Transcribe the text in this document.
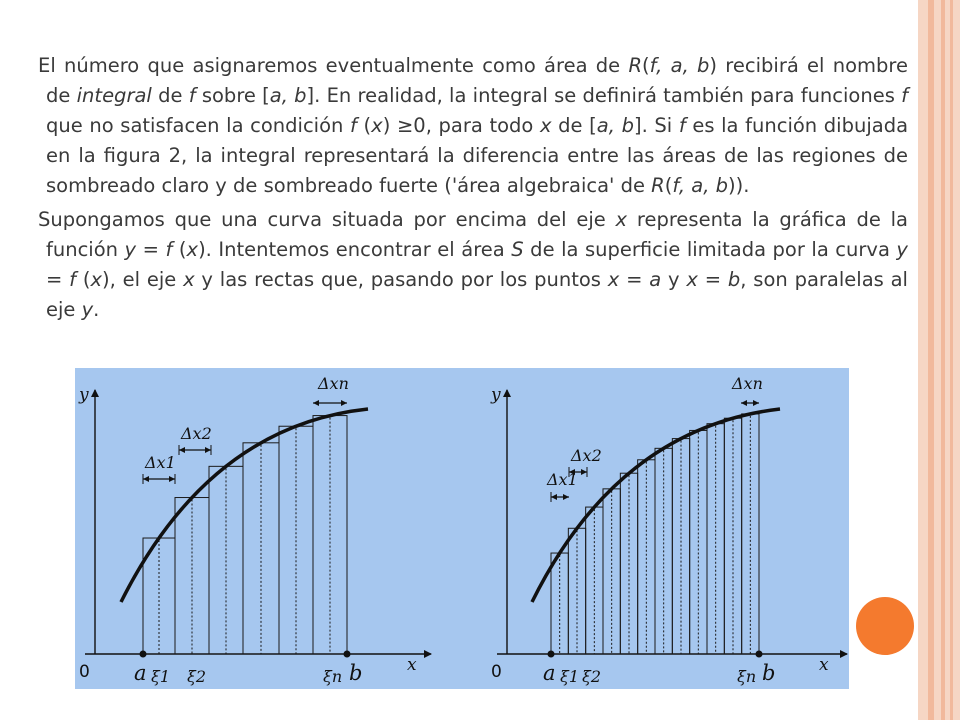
El número que asignaremos eventualmente como área de R(f, a, b) recibirá el nombre de integral de f sobre [a, b]. En realidad, la integral se definirá también para funciones f que no satisfacen la condición f (x) ≥0, para todo x de [a, b]. Si f es la función dibujada en la figura 2, la integral representará la diferencia entre las áreas de las regiones de sombreado claro y de sombreado fuerte ('área algebraica' de R(f, a, b)).

Supongamos que una curva situada por encima del eje x representa la gráfica de la función y = f (x). Intentemos encontrar el área S de la superficie limitada por la curva y = f (x), el eje x y las rectas que, pasando por los puntos x = a y x = b, son paralelas al eje y.

y
x
0 a	b
ξ1 ξ2	ξn
Δx1
Δx2
Δxn
y
x
0 a	b
ξ1 ξ2	ξn
Δx1
Δx2
Δxn
